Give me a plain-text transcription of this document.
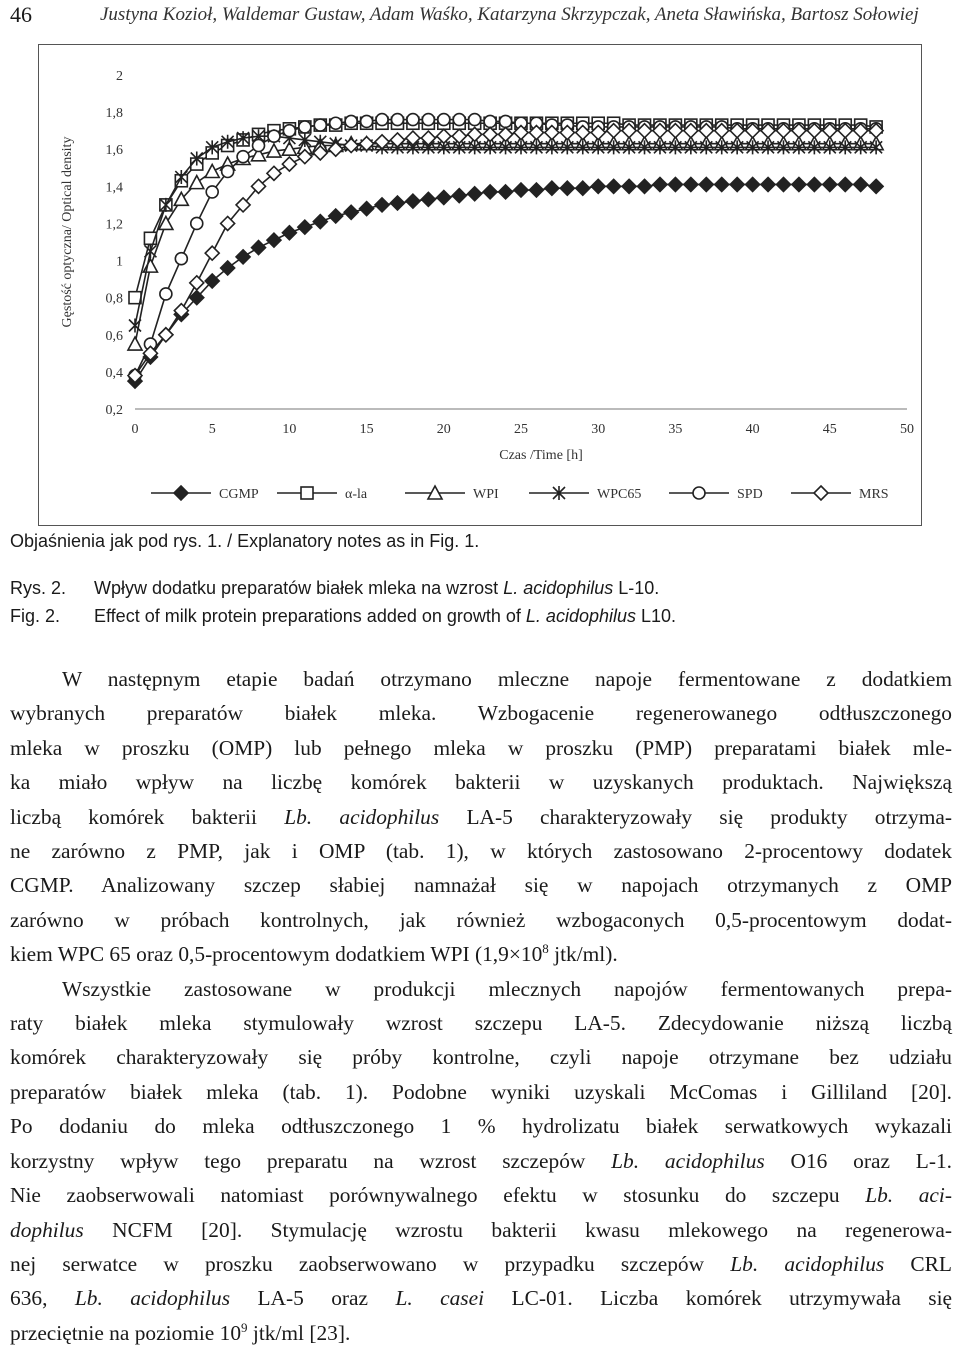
46	Justyna Kozioł, Waldemar Gustaw, Adam Waśko, Katarzyna Skrzypczak, Aneta Sławińska, Bartosz Sołowiej
0,2
0,4
0,6
0,8
1
1,2
1,4
1,6
1,8
2
0	5	10	15	20	25	30	35	40	45	50
Czas /Time [h]
Gęstość optyczna/ Optical density
CGMP	α-la	WPI	WPC65	SPD	MRS
Objaśnienia jak pod rys. 1. / Explanatory notes as in Fig. 1.
Rys. 2. Wpływ dodatku preparatów białek mleka na wzrost L. acidophilus L-10.
Fig. 2. Effect of milk protein preparations added on growth of L. acidophilus L10.
W następnym etapie badań otrzymano mleczne napoje fermentowane z dodatkiem
wybranych preparatów białek mleka. Wzbogacenie regenerowanego odtłuszczonego
mleka w proszku (OMP) lub pełnego mleka w proszku (PMP) preparatami białek mle-
ka miało wpływ na liczbę komórek bakterii w uzyskanych produktach. Największą
liczbą komórek bakterii Lb. acidophilus LA-5 charakteryzowały się produkty otrzyma-
ne zarówno z PMP, jak i OMP (tab. 1), w których zastosowano 2-procentowy dodatek
CGMP. Analizowany szczep słabiej namnażał się w napojach otrzymanych z OMP
zarówno w próbach kontrolnych, jak również wzbogaconych 0,5-procentowym dodat-
kiem WPC 65 oraz 0,5-procentowym dodatkiem WPI ($1,9\times 10^8$ jtk/ml).
Wszystkie zastosowane w produkcji mlecznych napojów fermentowanych prepa-
raty białek mleka stymulowały wzrost szczepu LA-5. Zdecydowanie niższą liczbą
komórek charakteryzowały się próby kontrolne, czyli napoje otrzymane bez udziału
preparatów białek mleka (tab. 1). Podobne wyniki uzyskali McComas i Gilliland [20].
Po dodaniu do mleka odtłuszczonego 1 % hydrolizatu białek serwatkowych wykazali
korzystny wpływ tego preparatu na wzrost szczepów Lb. acidophilus O16 oraz L-1.
Nie zaobserwowali natomiast porównywalnego efektu w stosunku do szczepu Lb. aci-
dophilus NCFM [20]. Stymulację wzrostu bakterii kwasu mlekowego na regenerowa-
nej serwatce w proszku zaobserwowano w przypadku szczepów Lb. acidophilus CRL
636, Lb. acidophilus LA-5 oraz L. casei LC-01. Liczba komórek utrzymywała się
przeciętnie na poziomie $10^9$ jtk/ml [23].
